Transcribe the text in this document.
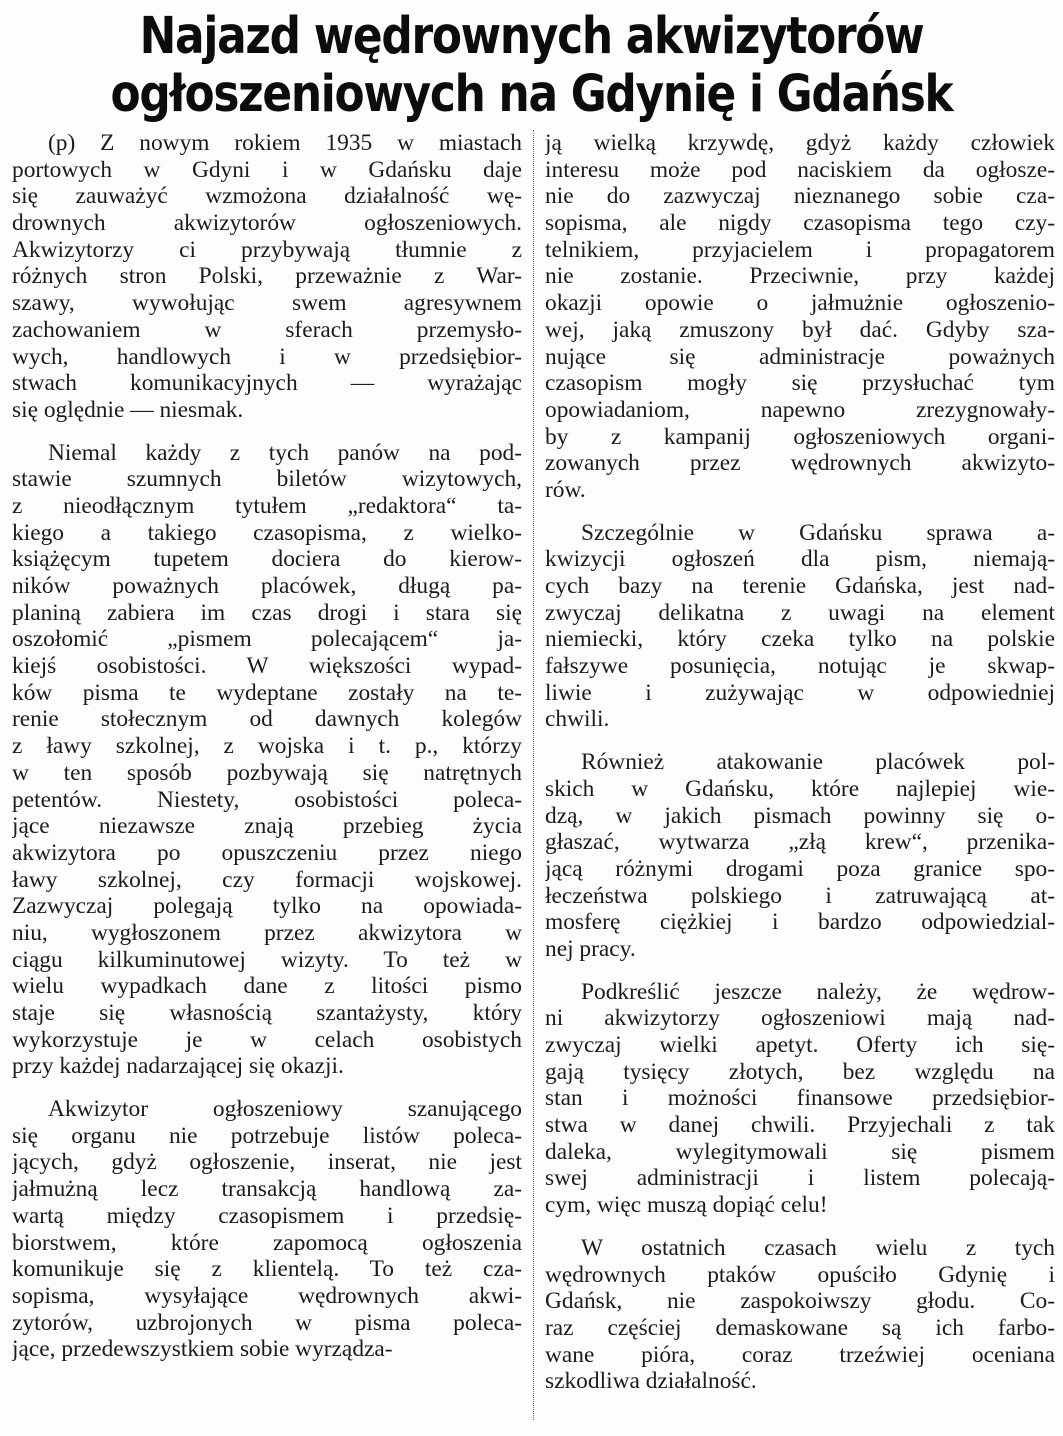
Najazd wędrownych akwizytorów
ogłoszeniowych na Gdynię i Gdańsk
(p) Z nowym rokiem 1935 w miastach
portowych w Gdyni i w Gdańsku daje
się zauważyć wzmożona działalność wę-
drownych akwizytorów ogłoszeniowych.
Akwizytorzy ci przybywają tłumnie z
różnych stron Polski, przeważnie z War-
szawy, wywołując swem agresywnem
zachowaniem w sferach przemysło-
wych, handlowych i w przedsiębior-
stwach komunikacyjnych — wyrażając
się oględnie — niesmak.
Niemal każdy z tych panów na pod-
stawie szumnych biletów wizytowych,
z nieodłącznym tytułem „redaktora“ ta-
kiego a takiego czasopisma, z wielko-
książęcym tupetem dociera do kierow-
ników poważnych placówek, długą pa-
planiną zabiera im czas drogi i stara się
oszołomić „pismem polecającem“ ja-
kiejś osobistości. W większości wypad-
ków pisma te wydeptane zostały na te-
renie stołecznym od dawnych kolegów
z ławy szkolnej, z wojska i t. p., którzy
w ten sposób pozbywają się natrętnych
petentów. Niestety, osobistości poleca-
jące niezawsze znają przebieg życia
akwizytora po opuszczeniu przez niego
ławy szkolnej, czy formacji wojskowej.
Zazwyczaj polegają tylko na opowiada-
niu, wygłoszonem przez akwizytora w
ciągu kilkuminutowej wizyty. To też w
wielu wypadkach dane z litości pismo
staje się własnością szantażysty, który
wykorzystuje je w celach osobistych
przy każdej nadarzającej się okazji.
Akwizytor ogłoszeniowy szanującego
się organu nie potrzebuje listów poleca-
jących, gdyż ogłoszenie, inserat, nie jest
jałmużną lecz transakcją handlową za-
wartą między czasopismem i przedsię-
biorstwem, które zapomocą ogłoszenia
komunikuje się z klientelą. To też cza-
sopisma, wysyłające wędrownych akwi-
zytorów, uzbrojonych w pisma poleca-
jące, przedewszystkiem sobie wyrządza-
ją wielką krzywdę, gdyż każdy człowiek
interesu może pod naciskiem da ogłosze-
nie do zazwyczaj nieznanego sobie cza-
sopisma, ale nigdy czasopisma tego czy-
telnikiem, przyjacielem i propagatorem
nie zostanie. Przeciwnie, przy każdej
okazji opowie o jałmużnie ogłoszenio-
wej, jaką zmuszony był dać. Gdyby sza-
nujące się administracje poważnych
czasopism mogły się przysłuchać tym
opowiadaniom, napewno zrezygnowały-
by z kampanij ogłoszeniowych organi-
zowanych przez wędrownych akwizyto-
rów.
Szczególnie w Gdańsku sprawa a-
kwizycji ogłoszeń dla pism, niemają-
cych bazy na terenie Gdańska, jest nad-
zwyczaj delikatna z uwagi na element
niemiecki, który czeka tylko na polskie
fałszywe posunięcia, notując je skwap-
liwie i zużywając w odpowiedniej
chwili.
Również atakowanie placówek pol-
skich w Gdańsku, które najlepiej wie-
dzą, w jakich pismach powinny się o-
głaszać, wytwarza „złą krew“, przenika-
jącą różnymi drogami poza granice spo-
łeczeństwa polskiego i zatruwającą at-
mosferę ciężkiej i bardzo odpowiedzial-
nej pracy.
Podkreślić jeszcze należy, że wędrow-
ni akwizytorzy ogłoszeniowi mają nad-
zwyczaj wielki apetyt. Oferty ich się-
gają tysięcy złotych, bez względu na
stan i możności finansowe przedsiębior-
stwa w danej chwili. Przyjechali z tak
daleka, wylegitymowali się pismem
swej administracji i listem polecają-
cym, więc muszą dopiąć celu!
W ostatnich czasach wielu z tych
wędrownych ptaków opuściło Gdynię i
Gdańsk, nie zaspokoiwszy głodu. Co-
raz częściej demaskowane są ich farbo-
wane pióra, coraz trzeźwiej oceniana
szkodliwa działalność.
